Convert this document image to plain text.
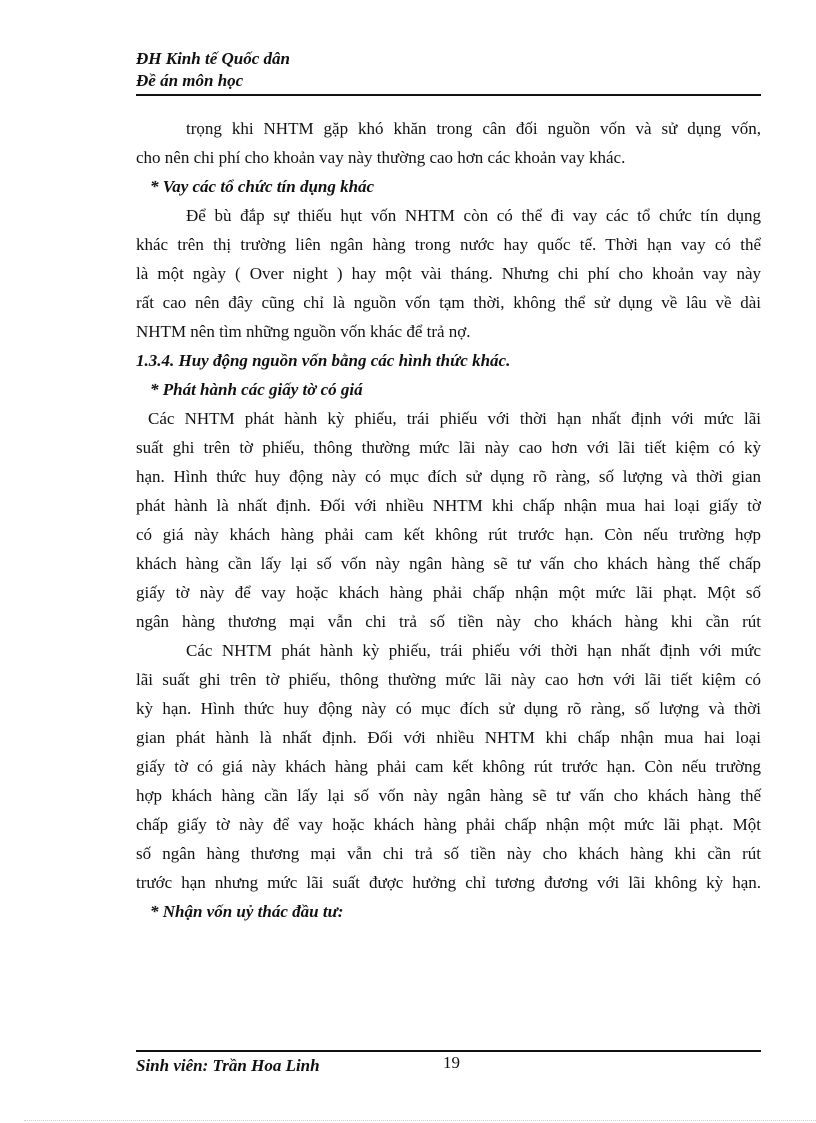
ĐH Kinh tế Quốc dân
Đề án môn học

trọng khi NHTM gặp khó khăn trong cân đối nguồn vốn và sử dụng vốn,

cho nên chi phí cho khoản vay này thường cao hơn các khoản vay khác.

* Vay các tổ chức tín dụng khác

Để bù đắp sự thiếu hụt vốn NHTM còn có thể đi vay các tổ chức tín dụng

khác trên thị trường liên ngân hàng trong nước hay quốc tế. Thời hạn vay có thể

là một ngày ( Over night ) hay một vài tháng. Nhưng chi phí cho khoản vay này

rất cao nên đây cũng chỉ là nguồn vốn tạm thời, không thể sử dụng về lâu về dài

NHTM nên tìm những nguồn vốn khác để trả nợ.

1.3.4. Huy động nguồn vốn bằng các hình thức khác.

* Phát hành các giấy tờ có giá

Các NHTM phát hành kỳ phiếu, trái phiếu với thời hạn nhất định với mức lãi

suất ghi trên tờ phiếu, thông thường mức lãi này cao hơn với lãi tiết kiệm có kỳ

hạn. Hình thức huy động này có mục đích sử dụng rõ ràng, số lượng và thời gian

phát hành là nhất định. Đối với nhiều NHTM khi chấp nhận mua hai loại giấy tờ

có giá này khách hàng phải cam kết không rút trước hạn. Còn nếu trường hợp

khách hàng cần lấy lại số vốn này ngân hàng sẽ tư vấn cho khách hàng thế chấp

giấy tờ này để vay hoặc khách hàng phải chấp nhận một mức lãi phạt. Một số

ngân hàng thương mại vẫn chi trả số tiền này cho khách hàng khi cần rút

Các NHTM phát hành kỳ phiếu, trái phiếu với thời hạn nhất định với mức

lãi suất ghi trên tờ phiếu, thông thường mức lãi này cao hơn với lãi tiết kiệm có

kỳ hạn. Hình thức huy động này có mục đích sử dụng rõ ràng, số lượng và thời

gian phát hành là nhất định. Đối với nhiều NHTM khi chấp nhận mua hai loại

giấy tờ có giá này khách hàng phải cam kết không rút trước hạn. Còn nếu trường

hợp khách hàng cần lấy lại số vốn này ngân hàng sẽ tư vấn cho khách hàng thế

chấp giấy tờ này để vay hoặc khách hàng phải chấp nhận một mức lãi phạt. Một

số ngân hàng thương mại vẫn chi trả số tiền này cho khách hàng khi cần rút

trước hạn nhưng mức lãi suất được hưởng chỉ tương đương với lãi không kỳ hạn.

* Nhận vốn uỷ thác đầu tư:

Sinh viên: Trần Hoa Linh	19
